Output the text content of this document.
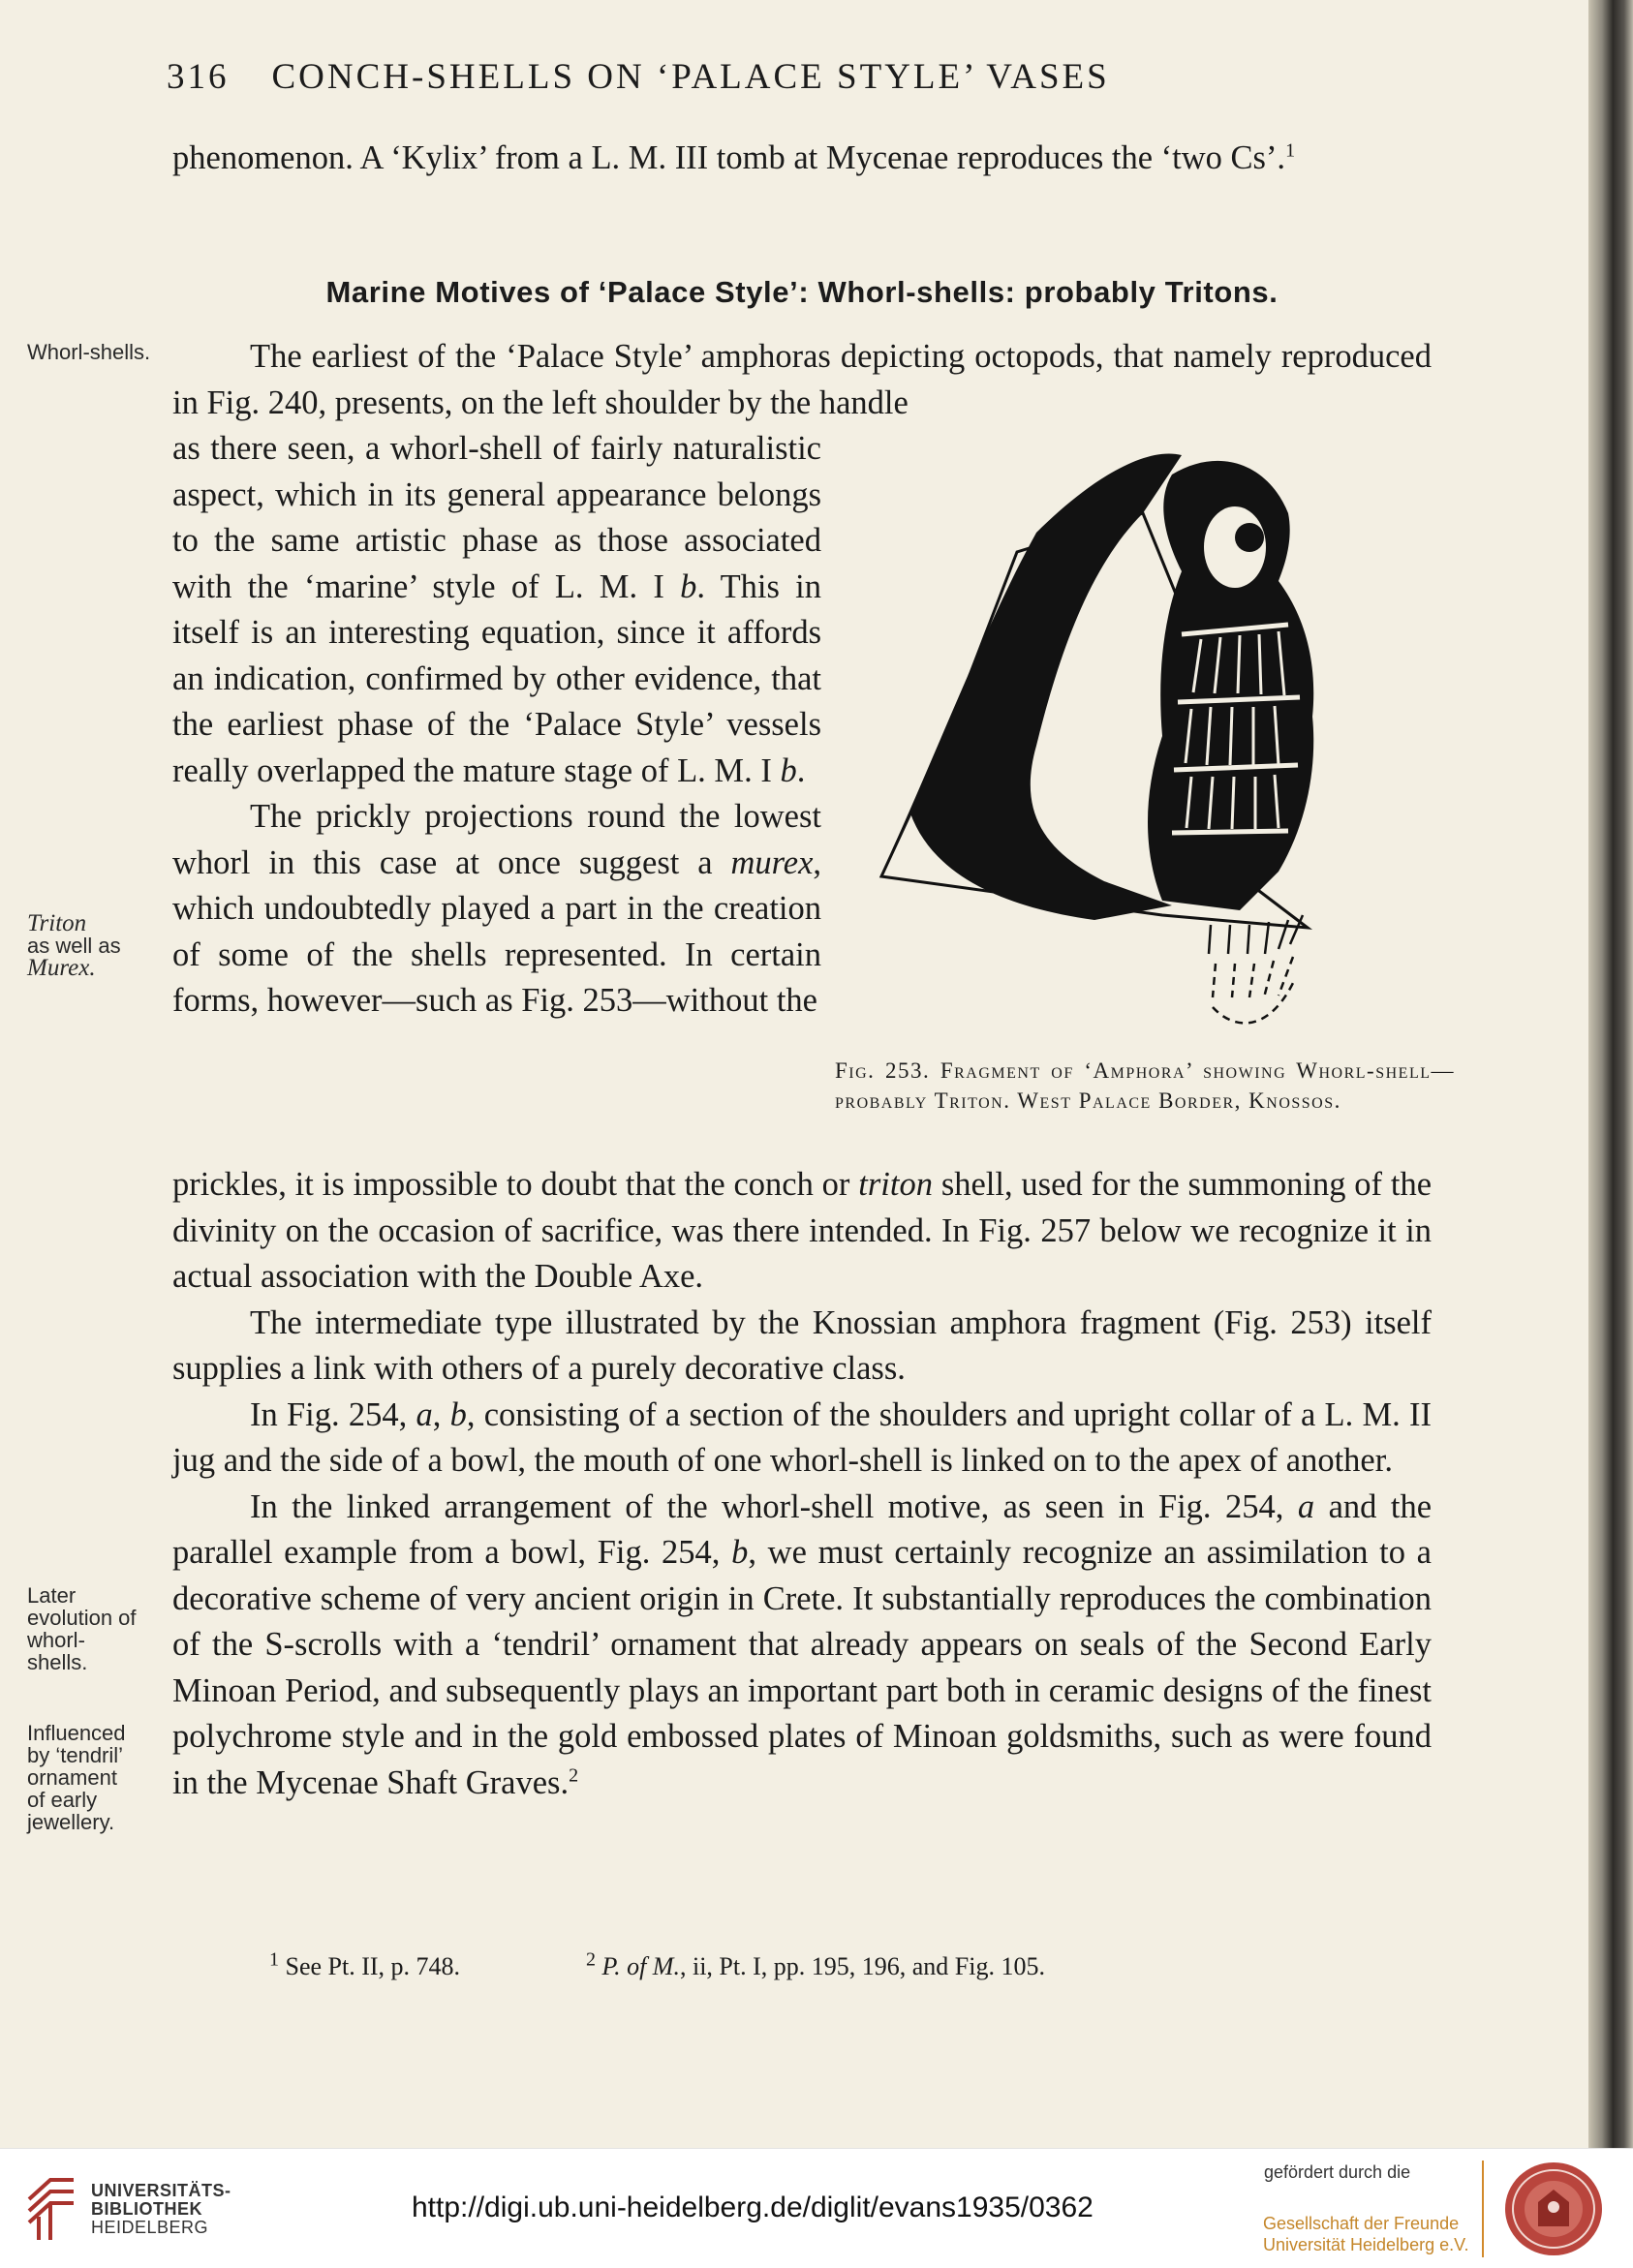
316 CONCH-SHELLS ON ‘PALACE STYLE’ VASES

phenomenon. A ‘Kylix’ from a L. M. III tomb at Mycenae reproduces the ‘two Cs’.$^1$

Marine Motives of ‘Palace Style’: Whorl-shells: probably Tritons.

The earliest of the ‘Palace Style’ amphoras depicting octopods, that namely reproduced in Fig. 240, presents, on the left shoulder by the handle

as there seen, a whorl-shell of fairly naturalistic aspect, which in its general appearance belongs to the same artistic phase as those associated with the ‘marine’ style of L. M. I b. This in itself is an interesting equation, since it affords an indication, confirmed by other evidence, that the earliest phase of the ‘Palace Style’ vessels really overlapped the mature stage of L. M. I b.

The prickly projections round the lowest whorl in this case at once suggest a murex, which undoubtedly played a part in the creation of some of the shells represented. In certain forms, however—such as Fig. 253—without the

prickles, it is impossible to doubt that the conch or triton shell, used for the summoning of the divinity on the occasion of sacrifice, was there intended. In Fig. 257 below we recognize it in actual association with the Double Axe.

The intermediate type illustrated by the Knossian amphora fragment (Fig. 253) itself supplies a link with others of a purely decorative class.

In Fig. 254, a, b, consisting of a section of the shoulders and upright collar of a L. M. II jug and the side of a bowl, the mouth of one whorl-shell is linked on to the apex of another.

In the linked arrangement of the whorl-shell motive, as seen in Fig. 254, a and the parallel example from a bowl, Fig. 254, b, we must certainly recognize an assimilation to a decorative scheme of very ancient origin in Crete. It substantially reproduces the combination of the S-scrolls with a ‘tendril’ ornament that already appears on seals of the Second Early Minoan Period, and subsequently plays an important part both in ceramic designs of the finest polychrome style and in the gold embossed plates of Minoan goldsmiths, such as were found in the Mycenae Shaft Graves.$^2$

Whorl-shells.
Triton
as well as
Murex.
Later evolution of whorl-shells.
Influenced by ‘tendril’ ornament of early jewellery.
Fig. 253. Fragment of ‘Amphora’ showing Whorl-shell—probably Triton. West Palace Border, Knossos.
$^1$ See Pt. II, p. 748.	$^2$ P. of M., ii, Pt. I, pp. 195, 196, and Fig. 105.
UNIVERSITÄTS-
BIBLIOTHEK
HEIDELBERG
http://digi.ub.uni-heidelberg.de/diglit/evans1935/0362
gefördert durch die
Gesellschaft der Freunde
Universität Heidelberg e.V.
